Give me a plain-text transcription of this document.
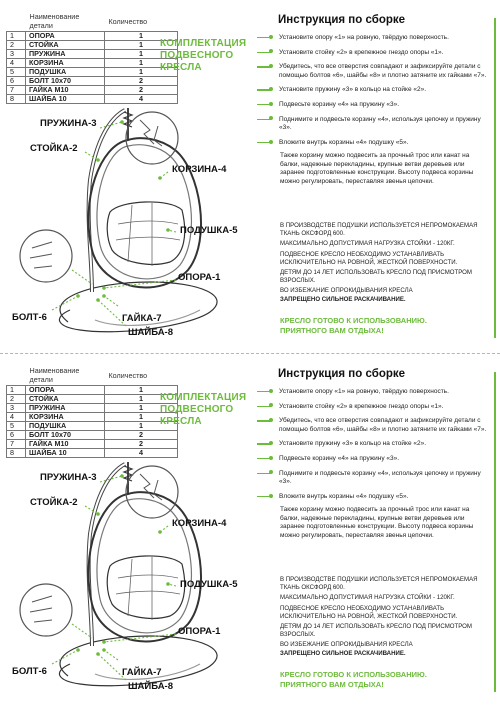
	Наименование детали	Количество
1	ОПОРА	1
2	СТОЙКА	1
3	ПРУЖИНА	1
4	КОРЗИНА	1
5	ПОДУШКА	1
6	БОЛТ 10х70	2
7	ГАЙКА М10	2
8	ШАЙБА 10	4
КОМПЛЕКТАЦИЯ
ПОДВЕСНОГО
КРЕСЛА
ПРУЖИНА-3
СТОЙКА-2
КОРЗИНА-4
ПОДУШКА-5
ОПОРА-1
БОЛТ-6	ГАЙКА-7
ШАЙБА-8
Инструкция по сборке
Установите опору «1» на ровную, твёрдую поверхность.
Установите стойку «2» в крепежное гнездо опоры «1».
Убедитесь, что все отверстия совпадают и зафиксируйте детали с помощью болтов «6», шайбы «8» и плотно затяните их гайками «7».
Установите пружину «3» в кольцо на стойке «2».
Подвесьте корзину «4» на пружину «3».
Поднимите и подвесьте корзину «4», используя цепочку и пружину «3».
Вложите внутрь корзины «4» подушку «5».
Также корзину можно подвесить за прочный трос или канат на балки, надежные перекладины, крупные ветви деревьев или заранее подготовленные конструкции. Высоту подвеса корзины можно регулировать, переставляя звенья цепочки.

В ПРОИЗВОДСТВЕ ПОДУШКИ ИСПОЛЬЗУЕТСЯ НЕПРОМОКАЕМАЯ ТКАНЬ ОКСФОРД 600.

МАКСИМАЛЬНО ДОПУСТИМАЯ НАГРУЗКА СТОЙКИ - 120КГ.

ПОДВЕСНОЕ КРЕСЛО НЕОБХОДИМО УСТАНАВЛИВАТЬ ИСКЛЮЧИТЕЛЬНО НА РОВНОЙ, ЖЕСТКОЙ ПОВЕРХНОСТИ.

ДЕТЯМ ДО 14 ЛЕТ ИСПОЛЬЗОВАТЬ КРЕСЛО ПОД ПРИСМОТРОМ ВЗРОСЛЫХ.

ВО ИЗБЕЖАНИЕ ОПРОКИДЫВАНИЯ КРЕСЛА
ЗАПРЕЩЕНО СИЛЬНОЕ РАСКАЧИВАНИЕ.

КРЕСЛО ГОТОВО К ИСПОЛЬЗОВАНИЮ.
ПРИЯТНОГО ВАМ ОТДЫХА!
	Наименование детали	Количество
1	ОПОРА	1
2	СТОЙКА	1
3	ПРУЖИНА	1
4	КОРЗИНА	1
5	ПОДУШКА	1
6	БОЛТ 10х70	2
7	ГАЙКА М10	2
8	ШАЙБА 10	4
КОМПЛЕКТАЦИЯ
ПОДВЕСНОГО
КРЕСЛА
ПРУЖИНА-3
СТОЙКА-2
КОРЗИНА-4
ПОДУШКА-5
ОПОРА-1
БОЛТ-6	ГАЙКА-7
ШАЙБА-8
Инструкция по сборке
Установите опору «1» на ровную, твёрдую поверхность.
Установите стойку «2» в крепежное гнездо опоры «1».
Убедитесь, что все отверстия совпадают и зафиксируйте детали с помощью болтов «6», шайбы «8» и плотно затяните их гайками «7».
Установите пружину «3» в кольцо на стойке «2».
Подвесьте корзину «4» на пружину «3».
Поднимите и подвесьте корзину «4», используя цепочку и пружину «3».
Вложите внутрь корзины «4» подушку «5».
Также корзину можно подвесить за прочный трос или канат на балки, надежные перекладины, крупные ветви деревьев или заранее подготовленные конструкции. Высоту подвеса корзины можно регулировать, переставляя звенья цепочки.

В ПРОИЗВОДСТВЕ ПОДУШКИ ИСПОЛЬЗУЕТСЯ НЕПРОМОКАЕМАЯ ТКАНЬ ОКСФОРД 600.

МАКСИМАЛЬНО ДОПУСТИМАЯ НАГРУЗКА СТОЙКИ - 120КГ.

ПОДВЕСНОЕ КРЕСЛО НЕОБХОДИМО УСТАНАВЛИВАТЬ ИСКЛЮЧИТЕЛЬНО НА РОВНОЙ, ЖЕСТКОЙ ПОВЕРХНОСТИ.

ДЕТЯМ ДО 14 ЛЕТ ИСПОЛЬЗОВАТЬ КРЕСЛО ПОД ПРИСМОТРОМ ВЗРОСЛЫХ.

ВО ИЗБЕЖАНИЕ ОПРОКИДЫВАНИЯ КРЕСЛА
ЗАПРЕЩЕНО СИЛЬНОЕ РАСКАЧИВАНИЕ.

КРЕСЛО ГОТОВО К ИСПОЛЬЗОВАНИЮ.
ПРИЯТНОГО ВАМ ОТДЫХА!
